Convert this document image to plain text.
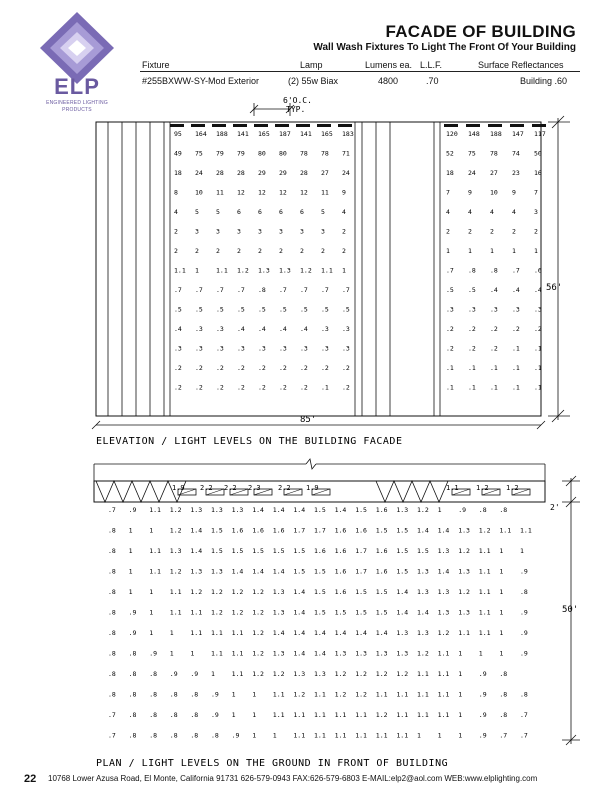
ELP
ENGINEERED LIGHTING
PRODUCTS
FACADE OF BUILDING
Wall Wash Fixtures To Light The Front Of Your Building
Fixture	Lamp	Lumens ea. L.L.F.	Surface Reflectances
#255BXWW-SY-Mod Exterior	(2) 55w Biax	4800	.70	Building .60
6'O.C.
TYP.
95 164 188 141 165 187 141 165 183
49 75 79 79 80 80 78 78 71
18 24 28 28 29 29 28 27 24
8	10 11 12 12 12 12 11 9
4	5	5	6	6	6	6	5	4
2	3	3	3	3	3	3	3	2
2	2	2	2	2	2	2	2	2
1.1 1	1.1 1.2 1.3 1.3 1.2 1.1 1
.7 .7 .7 .7 .8 .7 .7 .7 .7
.5 .5 .5 .5 .5 .5 .5 .5 .5
.4 .3 .3 .4 .4 .4 .4 .3 .3
.3 .3 .3 .3 .3 .3 .3 .3 .3
.2 .2 .2 .2 .2 .2 .2 .2 .2
.2 .2 .2 .2 .2 .2 .2 .1 .2
120 148 188 147 117
52 75 78 74 50
18 24 27 23 16
7	9	10 9	7
4	4	4	4	3
2	2	2	2	2
1	1	1	1	1
.7 .8 .8 .7 .6
.5 .5 .4 .4 .4
.3 .3 .3 .3 .3
.2 .2 .2 .2 .2
.2 .2 .2 .1 .1
.1 .1 .1 .1 .1
.1 .1 .1 .1 .1
56'
85'
ELEVATION / LIGHT LEVELS ON THE BUILDING FACADE
1.9 2.2 2.2 2.3 2.2 1.9	1.1 1.2 1.2
2'
50'
.7 .9 1.1 1.2 1.3 1.3 1.3 1.4 1.4 1.4 1.5 1.4 1.5 1.6 1.3 1.2 1	.9 .8 .8
.8 1	1	1.2 1.4 1.5 1.6 1.6 1.6 1.7 1.7 1.6 1.6 1.5 1.5 1.4 1.4 1.3 1.2 1.1 1.1
.8 1	1.1 1.3 1.4 1.5 1.5 1.5 1.5 1.5 1.6 1.6 1.7 1.6 1.5 1.5 1.3 1.2 1.1 1	1
.8 1	1.1 1.2 1.3 1.3 1.4 1.4 1.4 1.5 1.5 1.6 1.7 1.6 1.5 1.3 1.4 1.3 1.1 1	.9
.8 1	1	1.1 1.2 1.2 1.2 1.2 1.3 1.4 1.5 1.6 1.5 1.5 1.4 1.3 1.3 1.2 1.1 1	.8
.8 .9 1	1.1 1.1 1.2 1.2 1.2 1.3 1.4 1.5 1.5 1.5 1.5 1.4 1.4 1.3 1.3 1.1 1	.9
.8 .9 1	1	1.1 1.1 1.1 1.2 1.4 1.4 1.4 1.4 1.4 1.4 1.3 1.3 1.2 1.1 1.1 1	.9
.8 .8 .9 1	1	1.1 1.1 1.2 1.3 1.4 1.4 1.3 1.3 1.3 1.3 1.2 1.1 1	1	1	.9
.8 .8 .8 .9 .9 1	1.1 1.2 1.2 1.3 1.3 1.2 1.2 1.2 1.2 1.1 1.1 1	.9 .8
.8 .8 .8 .8 .8 .9 1	1	1.1 1.2 1.1 1.2 1.2 1.1 1.1 1.1 1.1 1	.9 .8 .8
.7 .8 .8 .8 .8 .9 1	1	1.1 1.1 1.1 1.1 1.1 1.2 1.1 1.1 1.1 1	.9 .8 .7
.7 .8 .8 .8 .8 .8 .9 1	1	1.1 1.1 1.1 1.1 1.1 1.1 1	1	1	.9 .7 .7
PLAN / LIGHT LEVELS ON THE GROUND IN FRONT OF BUILDING
22 10768 Lower Azusa Road, El Monte, California 91731 626-579-0943 FAX:626-579-6803 E-MAIL:elp2@aol.com WEB:www.elplighting.com
